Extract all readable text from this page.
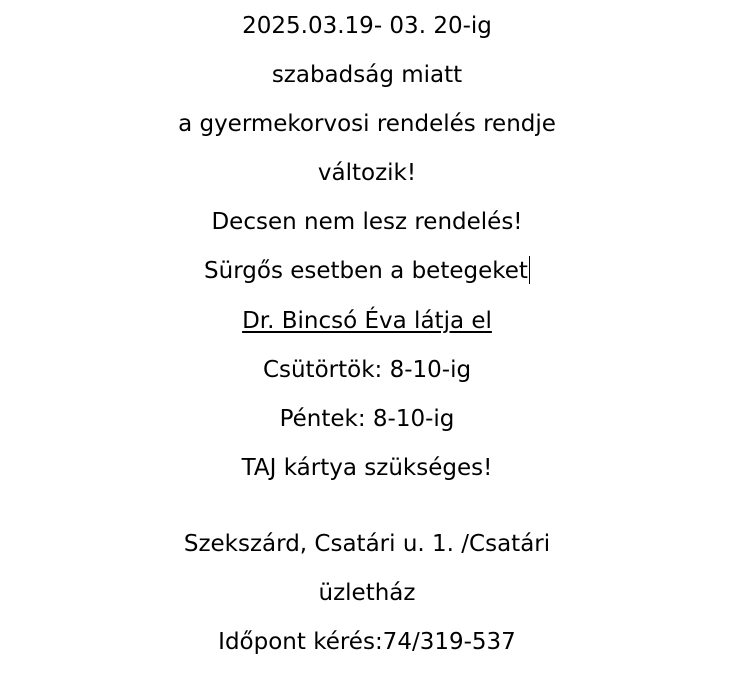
2025.03.19- 03. 20-ig
szabadság miatt
a gyermekorvosi rendelés rendje
változik!
Decsen nem lesz rendelés!
Sürgős esetben a betegeket
Dr. Bincsó Éva látja el
Csütörtök: 8-10-ig
Péntek: 8-10-ig
TAJ kártya szükséges!
Szekszárd, Csatári u. 1. /Csatári
üzletház
Időpont kérés:74/319-537
